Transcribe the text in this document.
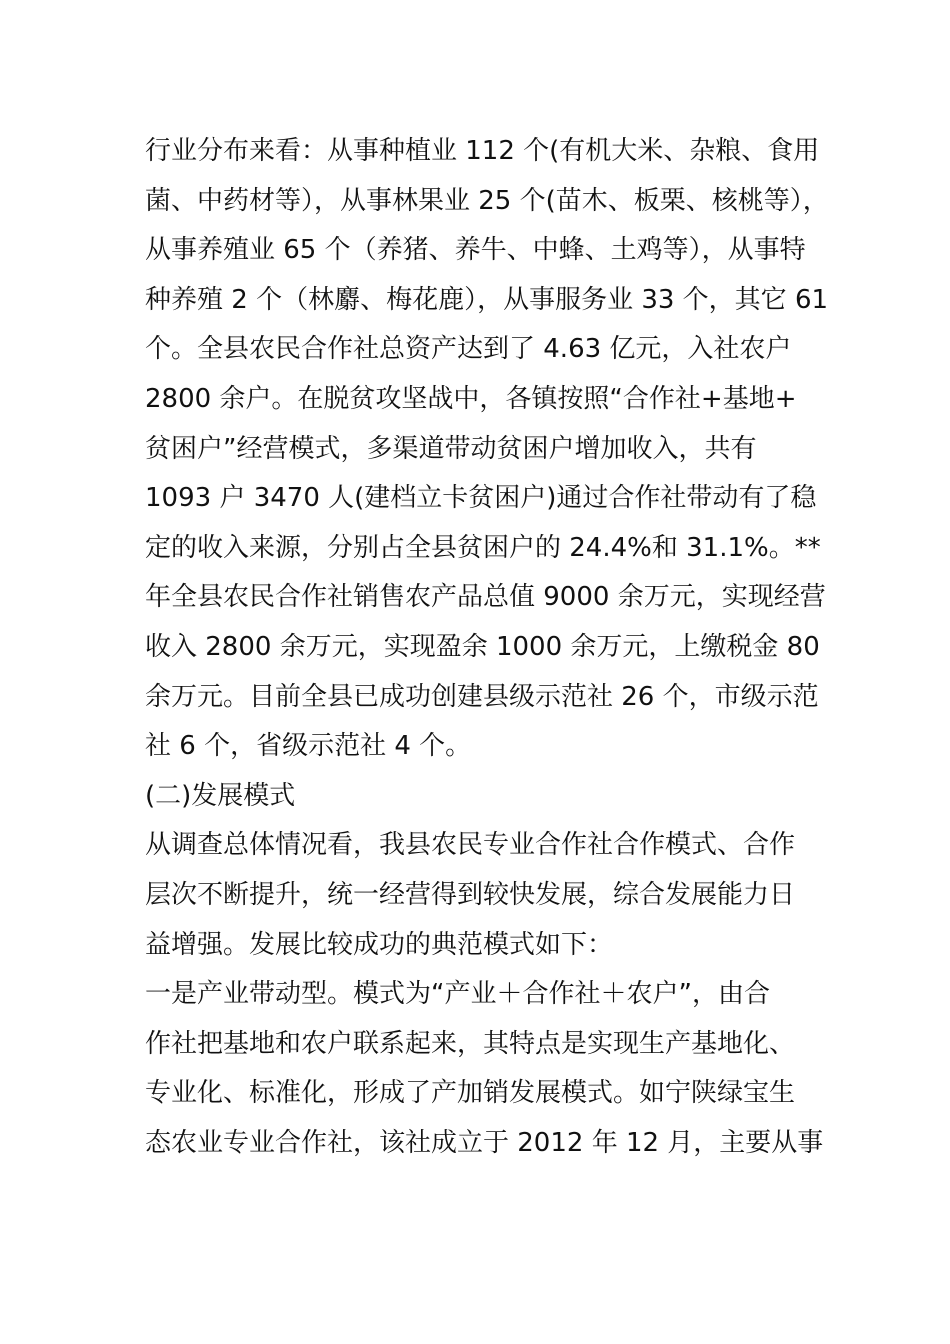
行业分布来看：从事种植业 112 个(有机大米、杂粮、食用
菌、中药材等），从事林果业 25 个(苗木、板栗、核桃等），
从事养殖业 65 个（养猪、养牛、中蜂、土鸡等），从事特
种养殖 2 个（林麝、梅花鹿），从事服务业 33 个，其它 61
个。全县农民合作社总资产达到了 4.63 亿元，入社农户
2800 余户。在脱贫攻坚战中，各镇按照“合作社+基地+
贫困户”经营模式，多渠道带动贫困户增加收入，共有
1093 户 3470 人(建档立卡贫困户)通过合作社带动有了稳
定的收入来源，分别占全县贫困户的 24.4%和 31.1%。**
年全县农民合作社销售农产品总值 9000 余万元，实现经营
收入 2800 余万元，实现盈余 1000 余万元，上缴税金 80
余万元。目前全县已成功创建县级示范社 26 个，市级示范
社 6 个，省级示范社 4 个。

(二)发展模式

从调查总体情况看，我县农民专业合作社合作模式、合作
层次不断提升，统一经营得到较快发展，综合发展能力日
益增强。发展比较成功的典范模式如下：

一是产业带动型。模式为“产业＋合作社＋农户”，由合
作社把基地和农户联系起来，其特点是实现生产基地化、
专业化、标准化，形成了产加销发展模式。如宁陕绿宝生
态农业专业合作社，该社成立于 2012 年 12 月，主要从事
